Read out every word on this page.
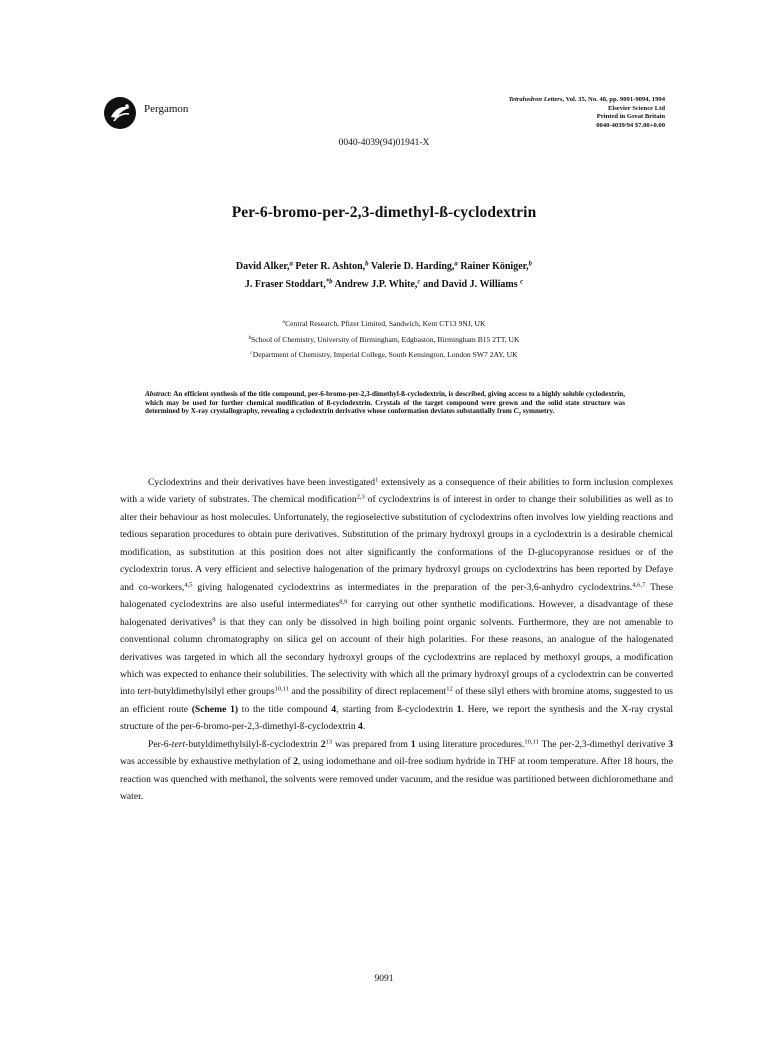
Pergamon
Tetrahedron Letters, Vol. 35, No. 48, pp. 9091-9094, 1994
Elsevier Science Ltd
Printed in Great Britain
0040-4039/94 $7.00+0.00
0040-4039(94)01941-X
Per-6-bromo-per-2,3-dimethyl-ß-cyclodextrin
David Alker,$^a$ Peter R. Ashton,$^b$ Valerie D. Harding,$^a$ Rainer Königer,$^b$
J. Fraser Stoddart,$^{*b}$ Andrew J.P. White,$^c$ and David J. Williams $^c$
$^a$Central Research, Pfizer Limited, Sandwich, Kent CT13 9NJ, UK
$^b$School of Chemistry, University of Birmingham, Edgbaston, Birmingham B15 2TT, UK
$^c$Department of Chemistry, Imperial College, South Kensington, London SW7 2AY, UK
Abstract: An efficient synthesis of the title compound, per-6-bromo-per-2,3-dimethyl-ß-cyclodextrin, is described, giving access to a highly soluble cyclodextrin, which may be used for further chemical modification of ß-cyclodextrin. Crystals of the target compound were grown and the solid state structure was determined by X-ray crystallography, revealing a cyclodextrin derivative whose conformation deviates substantially from $C_7$ symmetry.

Cyclodextrins and their derivatives have been investigated$^1$ extensively as a consequence of their abilities to form inclusion complexes with a wide variety of substrates. The chemical modification$^{2,3}$ of cyclodextrins is of interest in order to change their solubilities as well as to alter their behaviour as host molecules. Unfortunately, the regioselective substitution of cyclodextrins often involves low yielding reactions and tedious separation procedures to obtain pure derivatives. Substitution of the primary hydroxyl groups in a cyclodextrin is a desirable chemical modification, as substitution at this position does not alter significantly the conformations of the D-glucopyranose residues or of the cyclodextrin torus. A very efficient and selective halogenation of the primary hydroxyl groups on cyclodextrins has been reported by Defaye and co-workers,$^{4,5}$ giving halogenated cyclodextrins as intermediates in the preparation of the per-3,6-anhydro cyclodextrins.$^{4,6,7}$ These halogenated cyclodextrins are also useful intermediates$^{8,9}$ for carrying out other synthetic modifications. However, a disadvantage of these halogenated derivatives$^9$ is that they can only be dissolved in high boiling point organic solvents. Furthermore, they are not amenable to conventional column chromatography on silica gel on account of their high polarities. For these reasons, an analogue of the halogenated derivatives was targeted in which all the secondary hydroxyl groups of the cyclodextrins are replaced by methoxyl groups, a modification which was expected to enhance their solubilities. The selectivity with which all the primary hydroxyl groups of a cyclodextrin can be converted into tert-butyldimethylsilyl ether groups$^{10,11}$ and the possibility of direct replacement$^{12}$ of these silyl ethers with bromine atoms, suggested to us an efficient route (Scheme 1) to the title compound 4, starting from ß-cyclodextrin 1. Here, we report the synthesis and the X-ray crystal structure of the per-6-bromo-per-2,3-dimethyl-ß-cyclodextrin 4.

Per-6-tert-butyldimethylsilyl-ß-cyclodextrin $2^{13}$ was prepared from 1 using literature procedures.$^{10,11}$ The per-2,3-dimethyl derivative 3 was accessible by exhaustive methylation of 2, using iodomethane and oil-free sodium hydride in THF at room temperature. After 18 hours, the reaction was quenched with methanol, the solvents were removed under vacuum, and the residue was partitioned between dichloromethane and water.

9091
